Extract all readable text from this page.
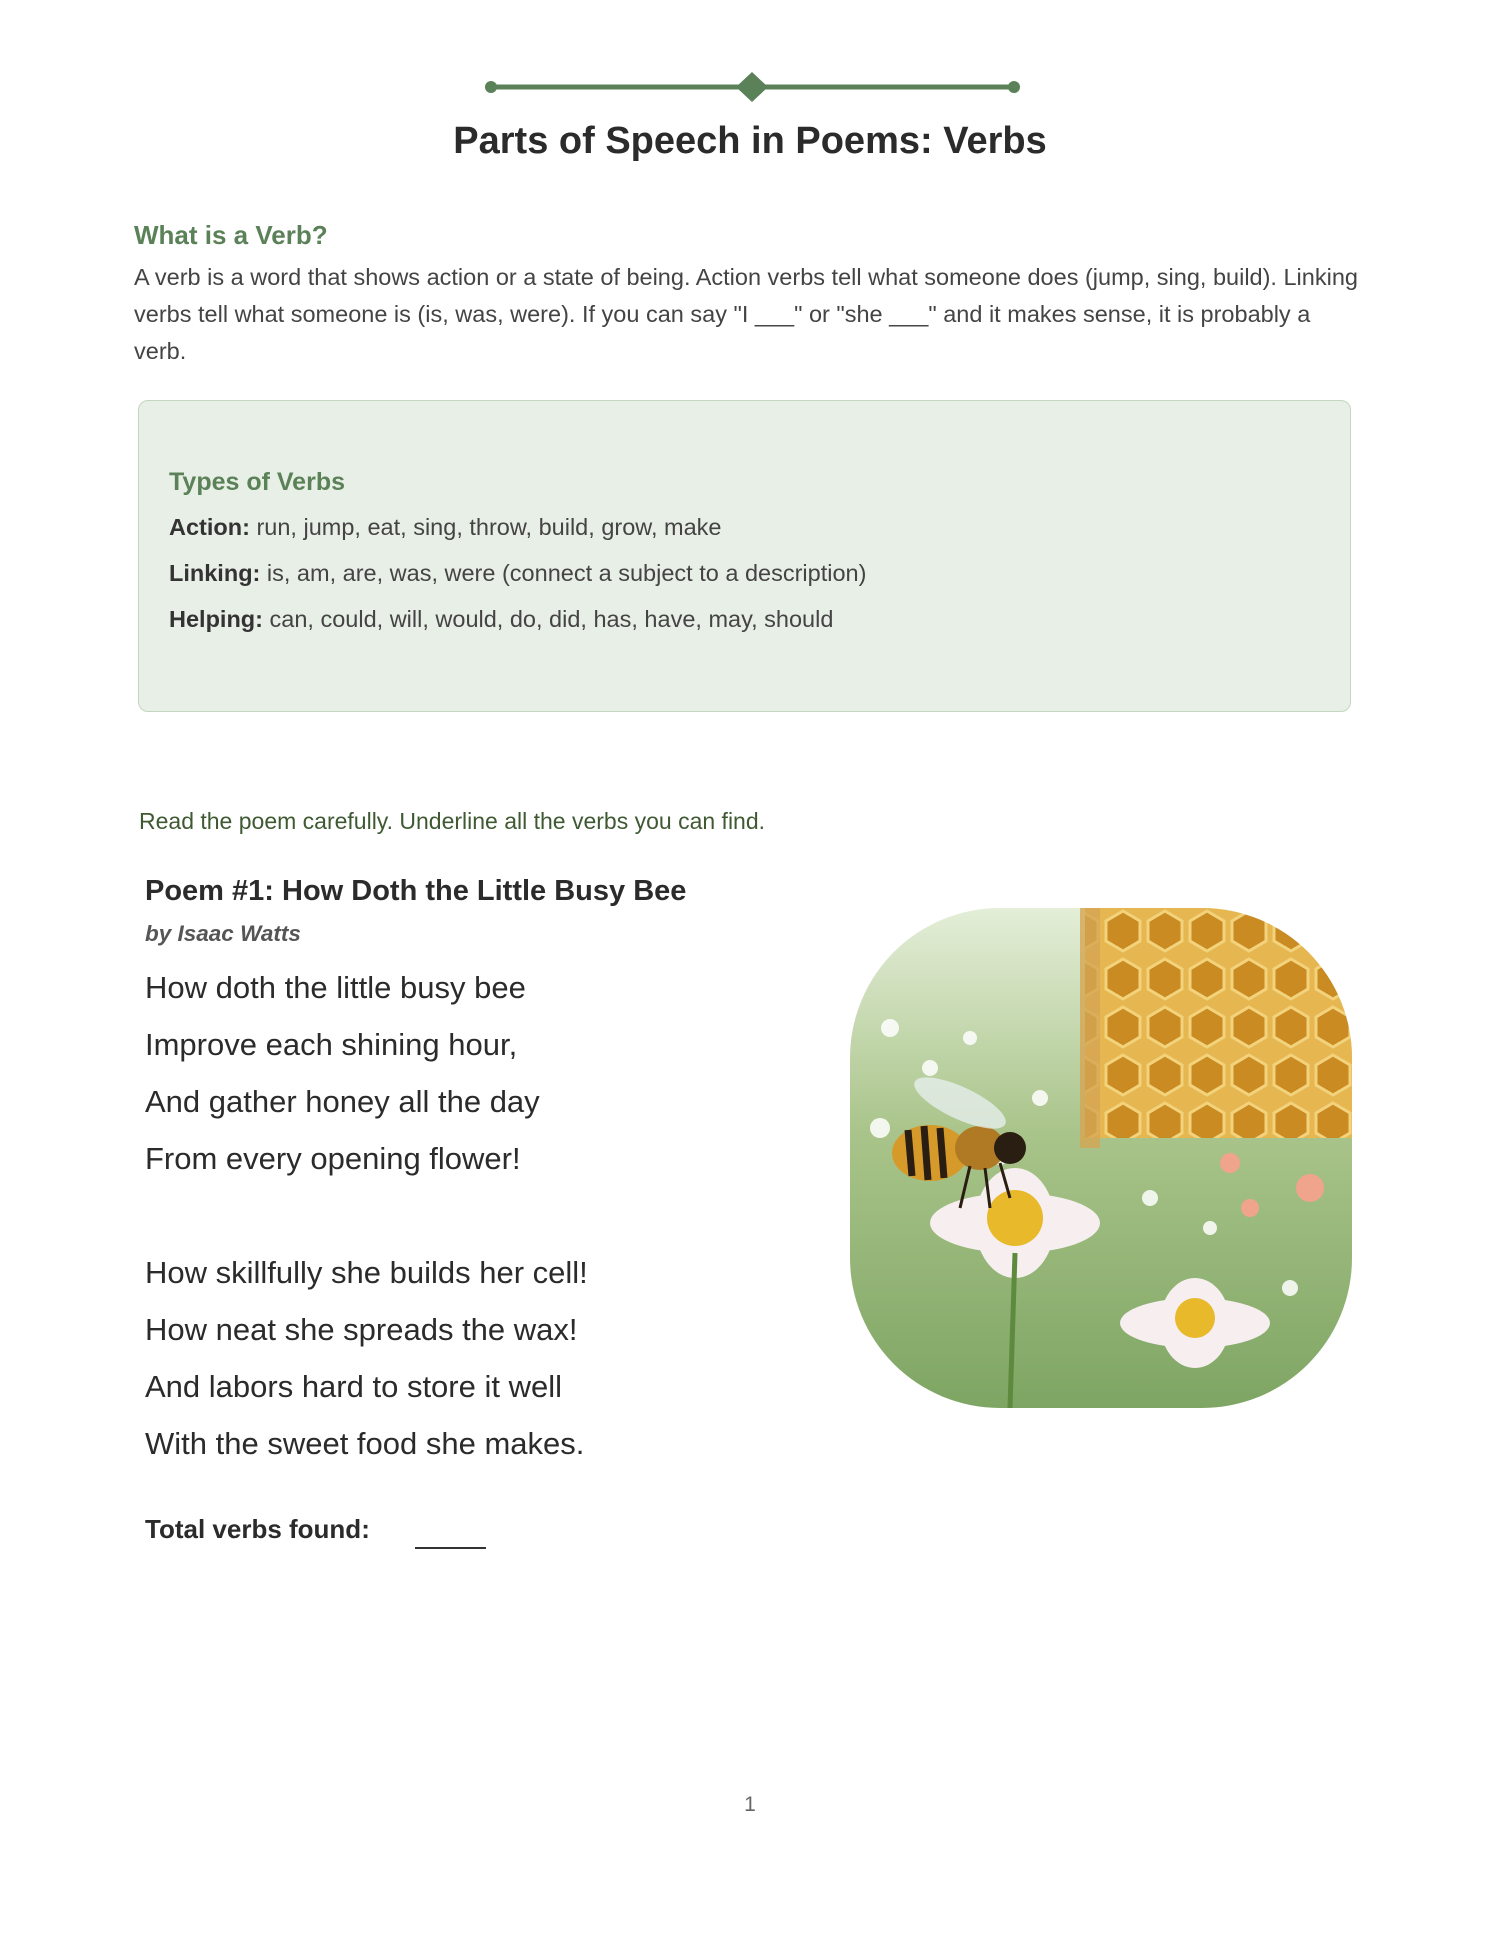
Parts of Speech in Poems: Verbs
What is a Verb?
A verb is a word that shows action or a state of being. Action verbs tell what someone does (jump, sing, build). Linking verbs tell what someone is (is, was, were). If you can say "I ___" or "she ___" and it makes sense, it is probably a verb.
Types of Verbs
Action: run, jump, eat, sing, throw, build, grow, make
Linking: is, am, are, was, were (connect a subject to a description)
Helping: can, could, will, would, do, did, has, have, may, should
Read the poem carefully. Underline all the verbs you can find.
Poem #1: How Doth the Little Busy Bee
by Isaac Watts
How doth the little busy bee
Improve each shining hour,
And gather honey all the day
From every opening flower!
How skillfully she builds her cell!
How neat she spreads the wax!
And labors hard to store it well
With the sweet food she makes.
Total verbs found:
1
